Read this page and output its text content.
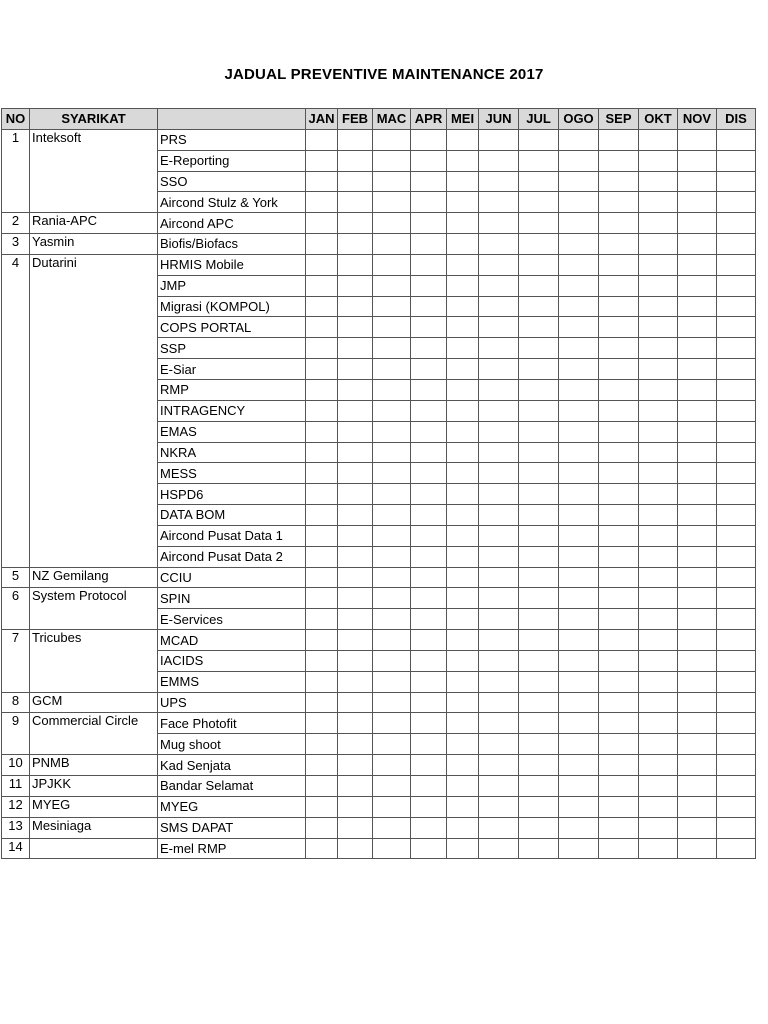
JADUAL PREVENTIVE MAINTENANCE 2017
NO	SYARIKAT		JAN	FEB	MAC	APR	MEI	JUN	JUL	OGO	SEP	OKT	NOV	DIS
1	Inteksoft	PRS												
		E-Reporting												
		SSO												
		Aircond Stulz & York												
2	Rania-APC	Aircond APC												
3	Yasmin	Biofis/Biofacs												
4	Dutarini	HRMIS Mobile												
		JMP												
		Migrasi (KOMPOL)												
		COPS PORTAL												
		SSP												
		E-Siar												
		RMP												
		INTRAGENCY												
		EMAS												
		NKRA												
		MESS												
		HSPD6												
		DATA BOM												
		Aircond Pusat Data 1												
		Aircond Pusat Data 2												
5	NZ Gemilang	CCIU												
6	System Protocol	SPIN												
		E-Services												
7	Tricubes	MCAD												
		IACIDS												
		EMMS												
8	GCM	UPS												
9	Commercial Circle	Face Photofit												
		Mug shoot												
10	PNMB	Kad Senjata												
11	JPJKK	Bandar Selamat												
12	MYEG	MYEG												
13	Mesiniaga	SMS DAPAT												
14		E-mel RMP												
